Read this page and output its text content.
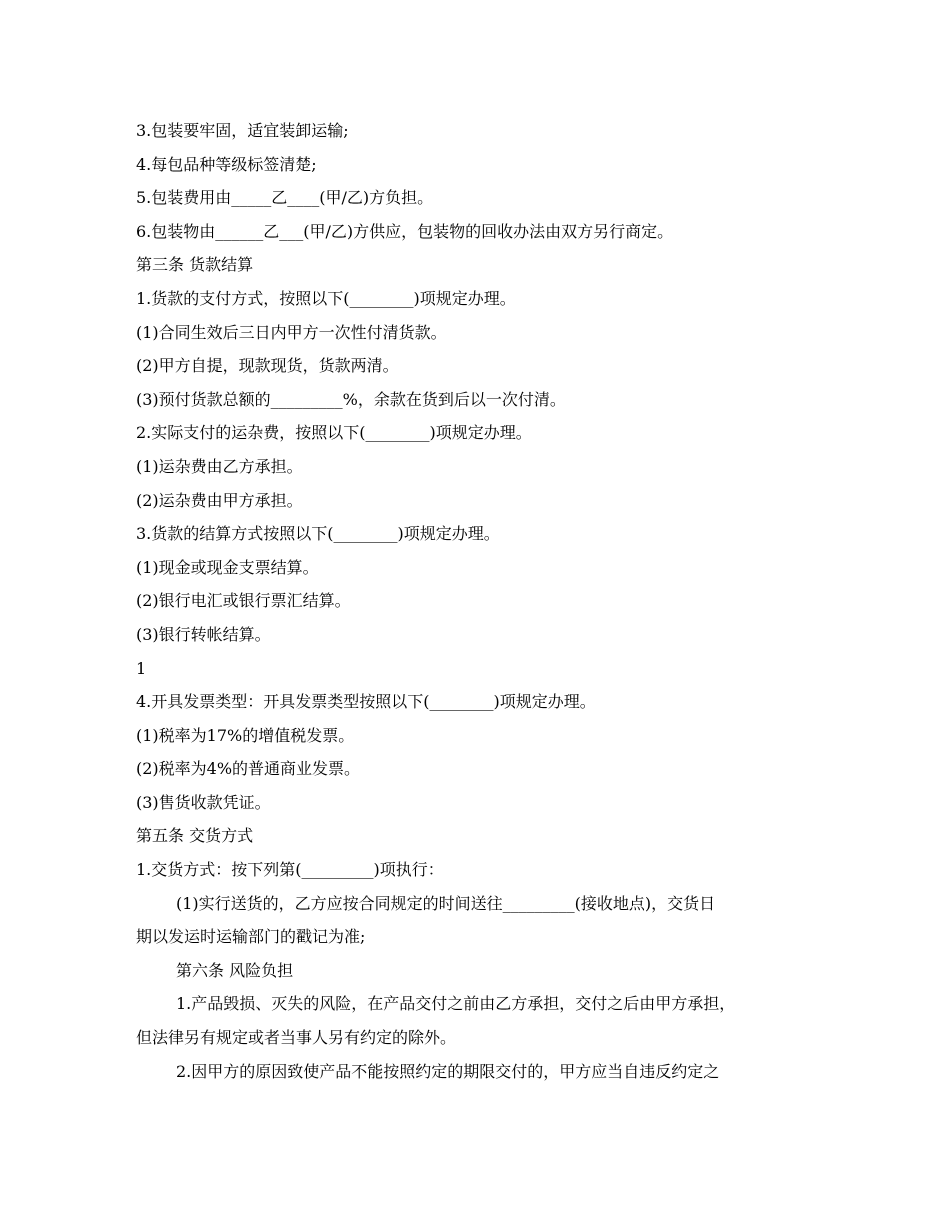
3.包装要牢固，适宜装卸运输;
4.每包品种等级标签清楚;
5.包装费用由_____乙____(甲/乙)方负担。
6.包装物由______乙___(甲/乙)方供应，包装物的回收办法由双方另行商定。
第三条 货款结算
1.货款的支付方式，按照以下(________)项规定办理。
(1)合同生效后三日内甲方一次性付清货款。
(2)甲方自提，现款现货，货款两清。
(3)预付货款总额的_________%，余款在货到后以一次付清。
2.实际支付的运杂费，按照以下(________)项规定办理。
(1)运杂费由乙方承担。
(2)运杂费由甲方承担。
3.货款的结算方式按照以下(________)项规定办理。
(1)现金或现金支票结算。
(2)银行电汇或银行票汇结算。
(3)银行转帐结算。
1
4.开具发票类型：开具发票类型按照以下(________)项规定办理。
(1)税率为17%的增值税发票。
(2)税率为4%的普通商业发票。
(3)售货收款凭证。
第五条 交货方式
1.交货方式：按下列第(_________)项执行：
(1)实行送货的，乙方应按合同规定的时间送往_________(接收地点)，交货日
期以发运时运输部门的戳记为准;
第六条 风险负担
1.产品毁损、灭失的风险，在产品交付之前由乙方承担，交付之后由甲方承担，
但法律另有规定或者当事人另有约定的除外。
2.因甲方的原因致使产品不能按照约定的期限交付的，甲方应当自违反约定之
